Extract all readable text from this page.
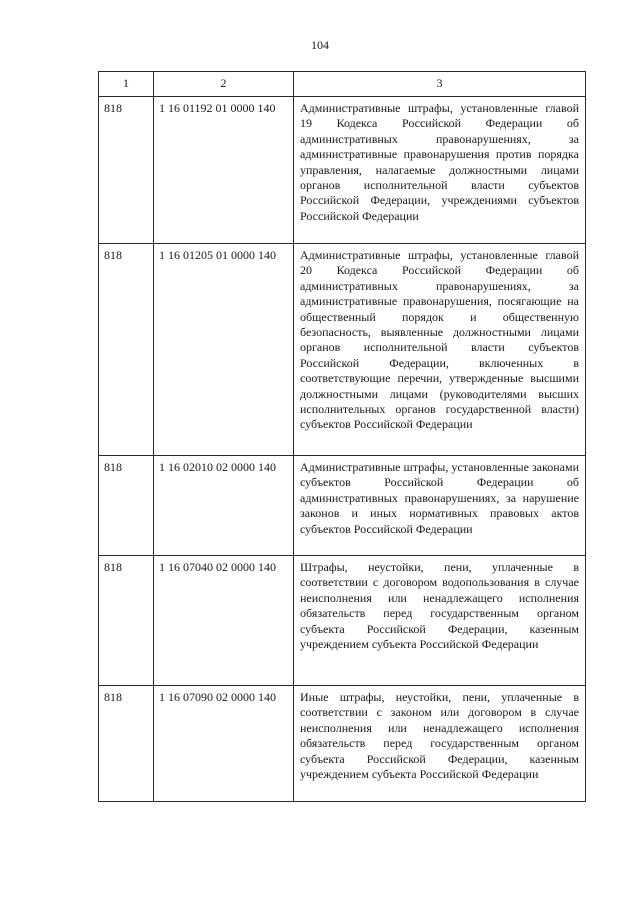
104
1	2	3
818	1 16 01192 01 0000 140	Административные штрафы, установленные главой 19 Кодекса Российской Федерации об административных правонарушениях, за административные правонарушения против порядка управления, налагаемые должностными лицами органов исполнительной власти субъектов Российской Федерации, учреждениями субъектов Российской Федерации
818	1 16 01205 01 0000 140	Административные штрафы, установленные главой 20 Кодекса Российской Федерации об административных правонарушениях, за административные правонарушения, посягающие на общественный порядок и общественную безопасность, выявленные должностными лицами органов исполнительной власти субъектов Российской Федерации, включенных в соответствующие перечни, утвержденные высшими должностными лицами (руководителями высших исполнительных органов государственной власти) субъектов Российской Федерации
818	1 16 02010 02 0000 140	Административные штрафы, установленные законами субъектов Российской Федерации об административных правонарушениях, за нарушение законов и иных нормативных правовых актов субъектов Российской Федерации
818	1 16 07040 02 0000 140	Штрафы, неустойки, пени, уплаченные в соответствии с договором водопользования в случае неисполнения или ненадлежащего исполнения обязательств перед государственным органом субъекта Российской Федерации, казенным учреждением субъекта Российской Федерации
818	1 16 07090 02 0000 140	Иные штрафы, неустойки, пени, уплаченные в соответствии с законом или договором в случае неисполнения или ненадлежащего исполнения обязательств перед государственным органом субъекта Российской Федерации, казенным учреждением субъекта Российской Федерации
